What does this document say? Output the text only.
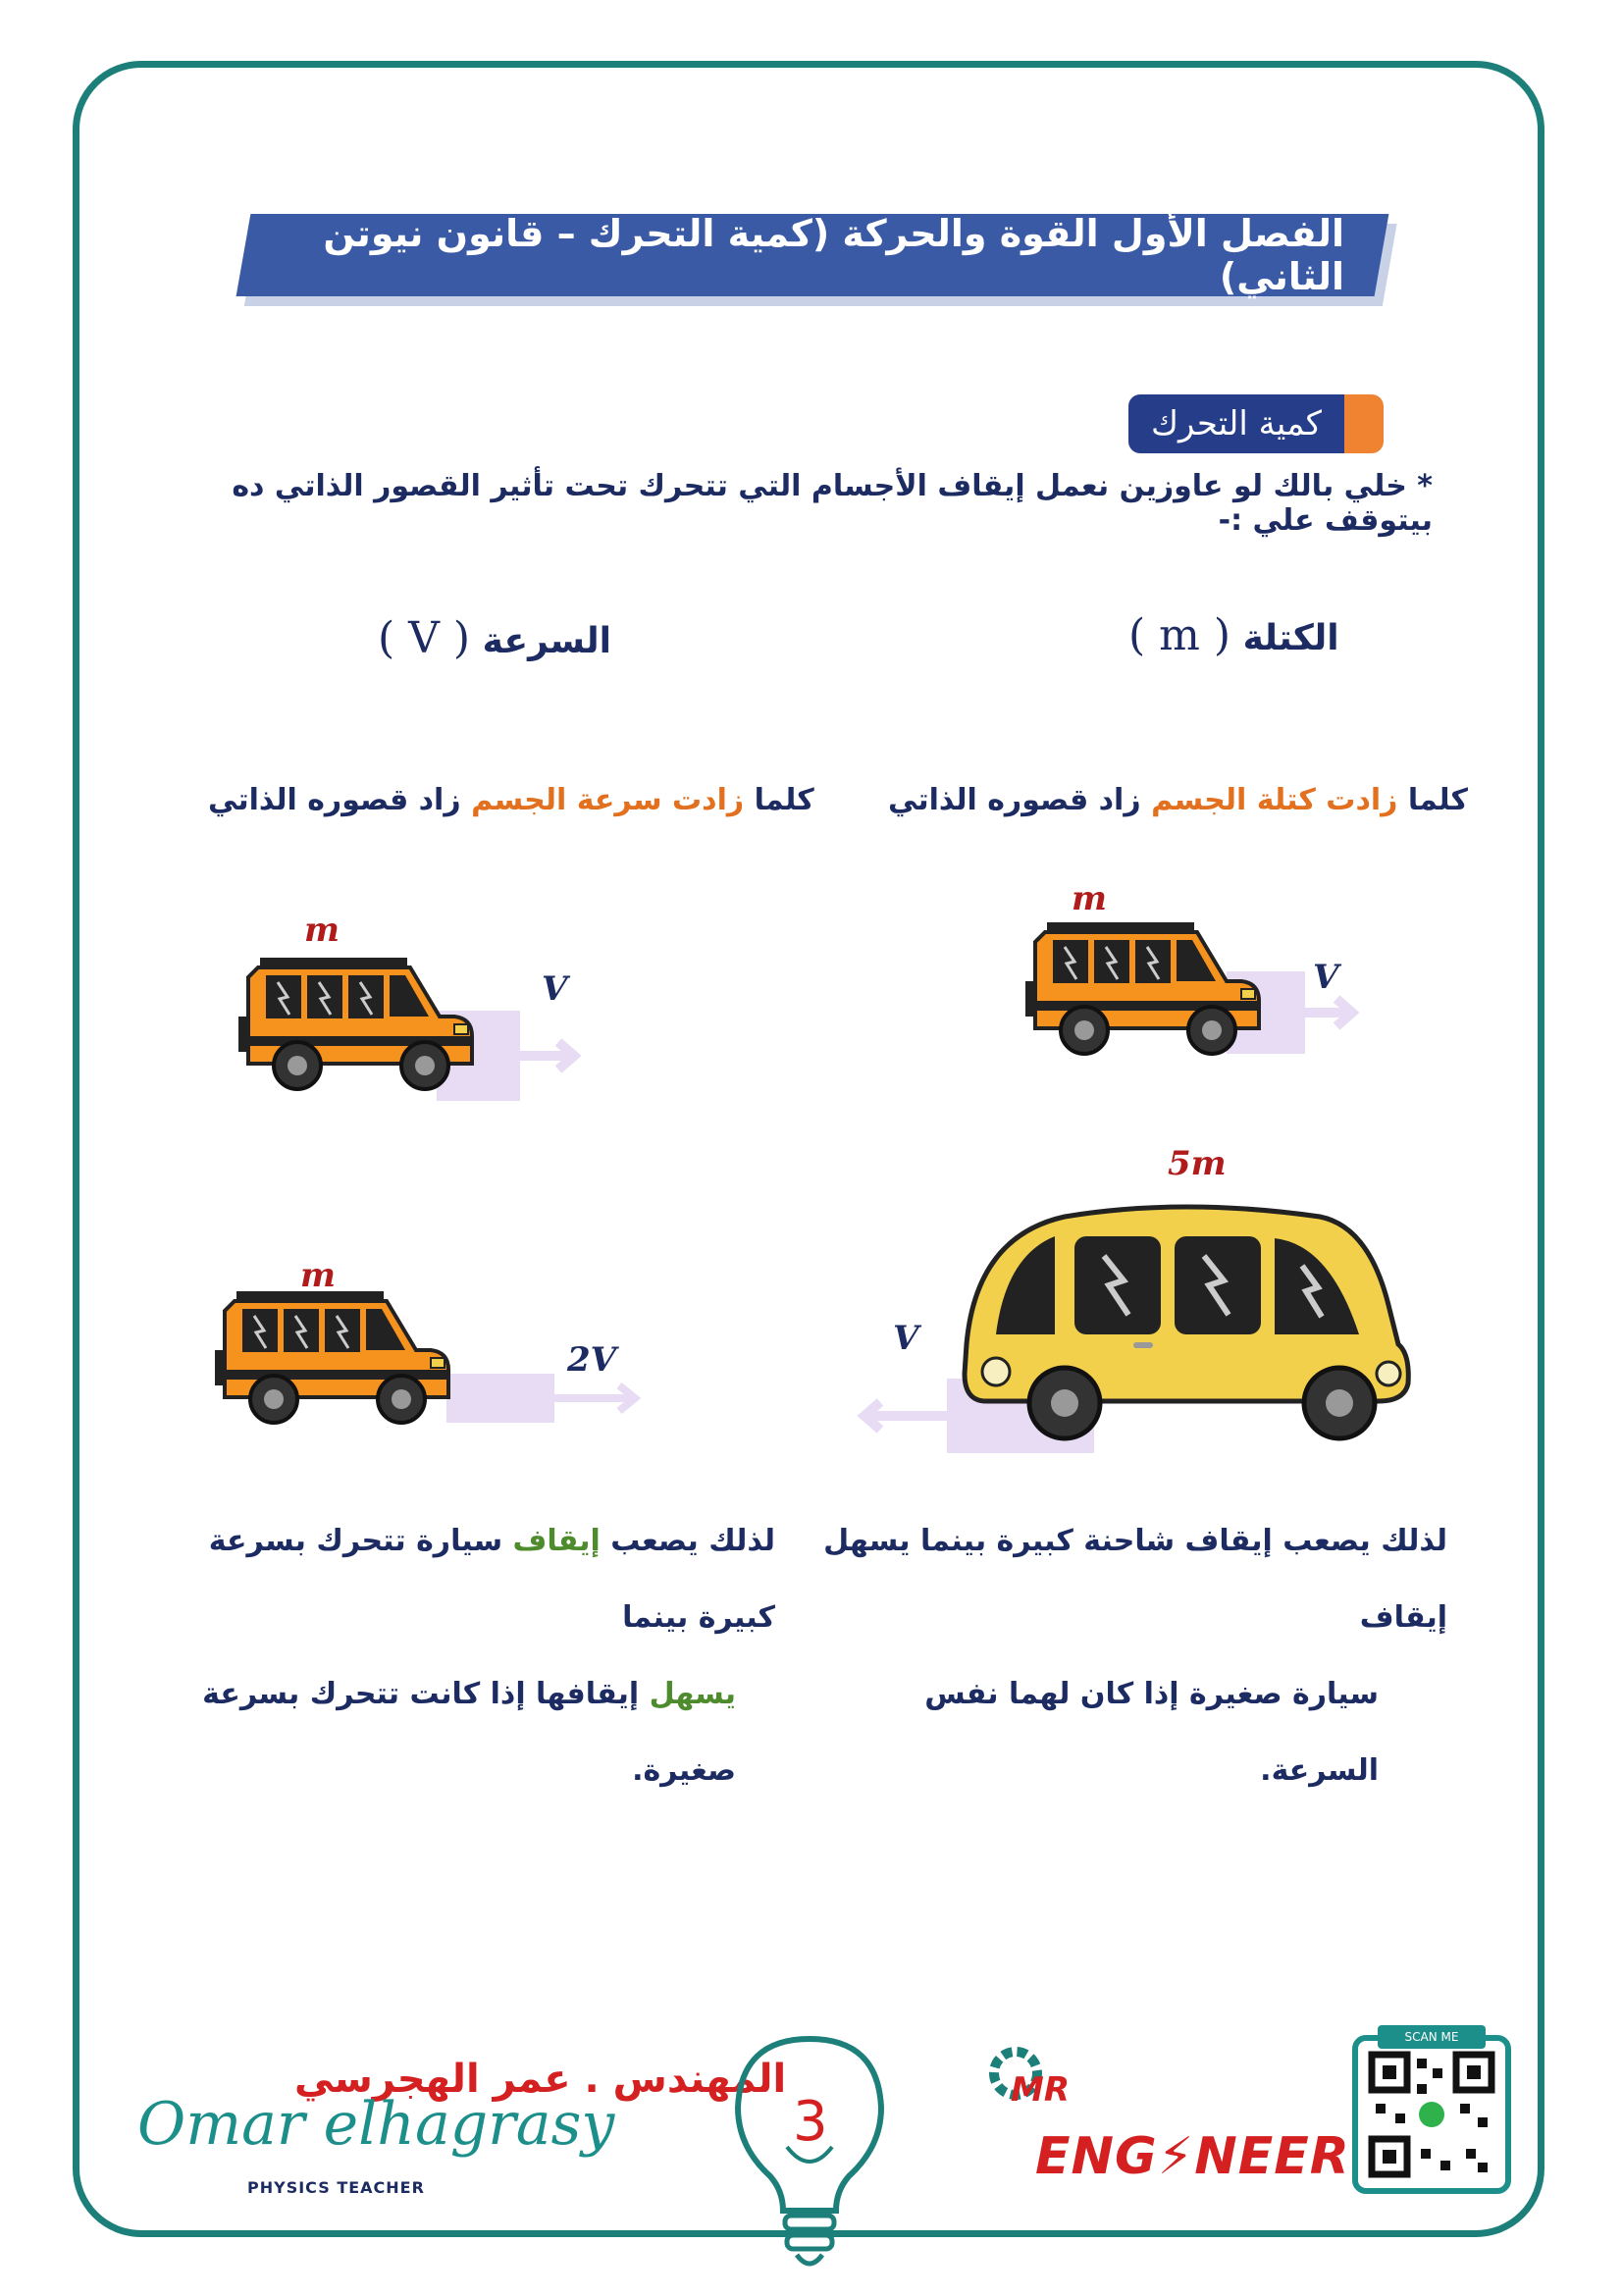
الفصل الأول القوة والحركة (كمية التحرك – قانون نيوتن الثاني)
كمية التحرك
* خلي بالك لو عاوزين نعمل إيقاف الأجسام التي تتحرك تحت تأثير القصور الذاتي ده بيتوقف علي :-
الكتلة ( m )
السرعة ( V )
كلما زادت كتلة الجسم زاد قصوره الذاتي
كلما زادت سرعة الجسم زاد قصوره الذاتي
m
V
m
V
m
2V
5m
V
لذلك يصعب إيقاف شاحنة كبيرة بينما يسهل إيقاف
سيارة صغيرة إذا كان لهما نفس السرعة.
لذلك يصعب إيقاف سيارة تتحرك بسرعة كبيرة بينما
يسهل إيقافها إذا كانت تتحرك بسرعة صغيرة.
المهندس . عمر الهجرسي
Omar elhagrasy
PHYSICS TEACHER
3	MR
ENG⚡NEER
SCAN ME
